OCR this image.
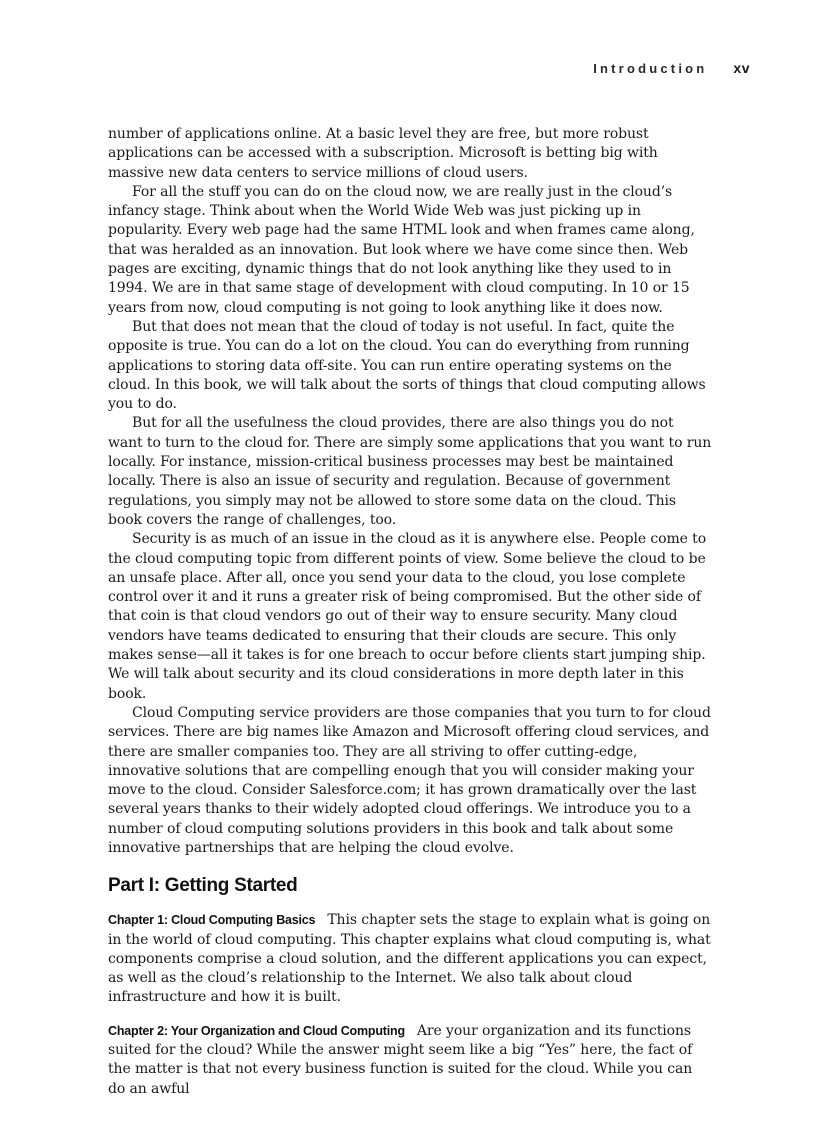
Introduction xv

number of applications online. At a basic level they are free, but more robust applications can be accessed with a subscription. Microsoft is betting big with massive new data centers to service millions of cloud users.

For all the stuff you can do on the cloud now, we are really just in the cloud’s infancy stage. Think about when the World Wide Web was just picking up in popularity. Every web page had the same HTML look and when frames came along, that was heralded as an innovation. But look where we have come since then. Web pages are exciting, dynamic things that do not look anything like they used to in 1994. We are in that same stage of development with cloud computing. In 10 or 15 years from now, cloud computing is not going to look anything like it does now.

But that does not mean that the cloud of today is not useful. In fact, quite the opposite is true. You can do a lot on the cloud. You can do everything from running applications to storing data off-site. You can run entire operating systems on the cloud. In this book, we will talk about the sorts of things that cloud computing allows you to do.

But for all the usefulness the cloud provides, there are also things you do not want to turn to the cloud for. There are simply some applications that you want to run locally. For instance, mission-critical business processes may best be maintained locally. There is also an issue of security and regulation. Because of government regulations, you simply may not be allowed to store some data on the cloud. This book covers the range of challenges, too.

Security is as much of an issue in the cloud as it is anywhere else. People come to the cloud computing topic from different points of view. Some believe the cloud to be an unsafe place. After all, once you send your data to the cloud, you lose complete control over it and it runs a greater risk of being compromised. But the other side of that coin is that cloud vendors go out of their way to ensure security. Many cloud vendors have teams dedicated to ensuring that their clouds are secure. This only makes sense—all it takes is for one breach to occur before clients start jumping ship. We will talk about security and its cloud considerations in more depth later in this book.

Cloud Computing service providers are those companies that you turn to for cloud services. There are big names like Amazon and Microsoft offering cloud services, and there are smaller companies too. They are all striving to offer cutting-edge, innovative solutions that are compelling enough that you will consider making your move to the cloud. Consider Salesforce.com; it has grown dramatically over the last several years thanks to their widely adopted cloud offerings. We introduce you to a number of cloud computing solutions providers in this book and talk about some innovative partnerships that are helping the cloud evolve.

Part I: Getting Started

Chapter 1: Cloud Computing Basics This chapter sets the stage to explain what is going on in the world of cloud computing. This chapter explains what cloud computing is, what components comprise a cloud solution, and the different applications you can expect, as well as the cloud’s relationship to the Internet. We also talk about cloud infrastructure and how it is built.

Chapter 2: Your Organization and Cloud Computing Are your organization and its functions suited for the cloud? While the answer might seem like a big “Yes” here, the fact of the matter is that not every business function is suited for the cloud. While you can do an awful
